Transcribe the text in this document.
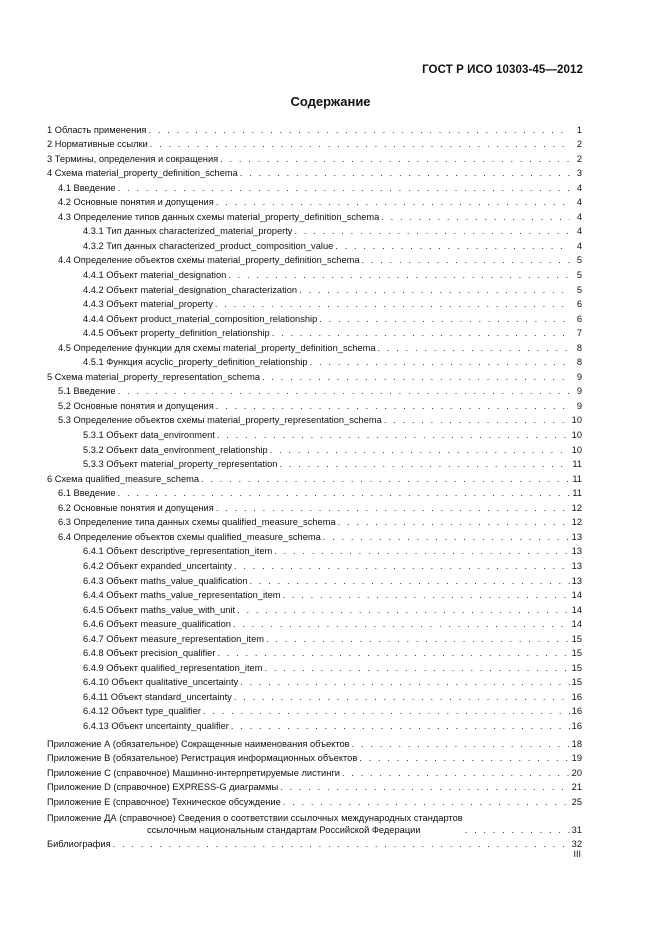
ГОСТ Р ИСО 10303-45—2012
Содержание
1 Область применения . . .	1
2 Нормативные ссылки . . .	2
3 Термины, определения и сокращения . . .	2
4 Схема material_property_definition_schema . . .	3
4.1 Введение . . .	4
4.2 Основные понятия и допущения . . .	4
4.3 Определение типов данных схемы material_property_definition_schema . . .	4
4.3.1 Тип данных characterized_material_property . . .	4
4.3.2 Тип данных characterized_product_composition_value . . .	4
4.4 Определение объектов схемы material_property_definition_schema . . .	5
4.4.1 Объект material_designation . . .	5
4.4.2 Объект material_designation_characterization . . .	5
4.4.3 Объект material_property . . .	6
4.4.4 Объект product_material_composition_relationship . . .	6
4.4.5 Объект property_definition_relationship . . .	7
4.5 Определение функции для схемы material_property_definition_schema . . .	8
4.5.1 Функция acyclic_property_definition_relationship . . .	8
5 Схема material_property_representation_schema . . .	9
5.1 Введение . . .	9
5.2 Основные понятия и допущения . . .	9
5.3 Определение объектов схемы material_property_representation_schema . . .	10
5.3.1 Объект data_environment . . .	10
5.3.2 Объект data_environment_relationship . . .	10
5.3.3 Объект material_property_representation . . .	11
6 Схема qualified_measure_schema . . .	11
6.1 Введение . . .	11
6.2 Основные понятия и допущения . . .	12
6.3 Определение типа данных схемы qualified_measure_schema . . .	12
6.4 Определение объектов схемы qualified_measure_schema . . .	13
6.4.1 Объект descriptive_representation_item . . .	13
6.4.2 Объект expanded_uncertainty . . .	13
6.4.3 Объект maths_value_qualification . . .	13
6.4.4 Объект maths_value_representation_item . . .	14
6.4.5 Объект maths_value_with_unit . . .	14
6.4.6 Объект measure_qualification . . .	14
6.4.7 Объект measure_representation_item . . .	15
6.4.8 Объект precision_qualifier . . .	15
6.4.9 Объект qualified_representation_item . . .	15
6.4.10 Объект qualitative_uncertainty . . .	15
6.4.11 Объект standard_uncertainty . . .	16
6.4.12 Объект type_qualifier . . .	16
6.4.13 Объект uncertainty_qualifier . . .	16
Приложение А (обязательное) Сокращенные наименования объектов . . .	18
Приложение В (обязательное) Регистрация информационных объектов . . .	19
Приложение С (справочное) Машинно-интерпретируемые листинги . . .	20
Приложение D (справочное) EXPRESS-G диаграммы . . .	21
Приложение E (справочное) Техническое обсуждение . . .	25
Приложение ДА (справочное) Сведения о соответствии ссылочных международных стандартов
ссылочным национальным стандартам Российской Федерации . . .	31
Библиография . . .	32
III
